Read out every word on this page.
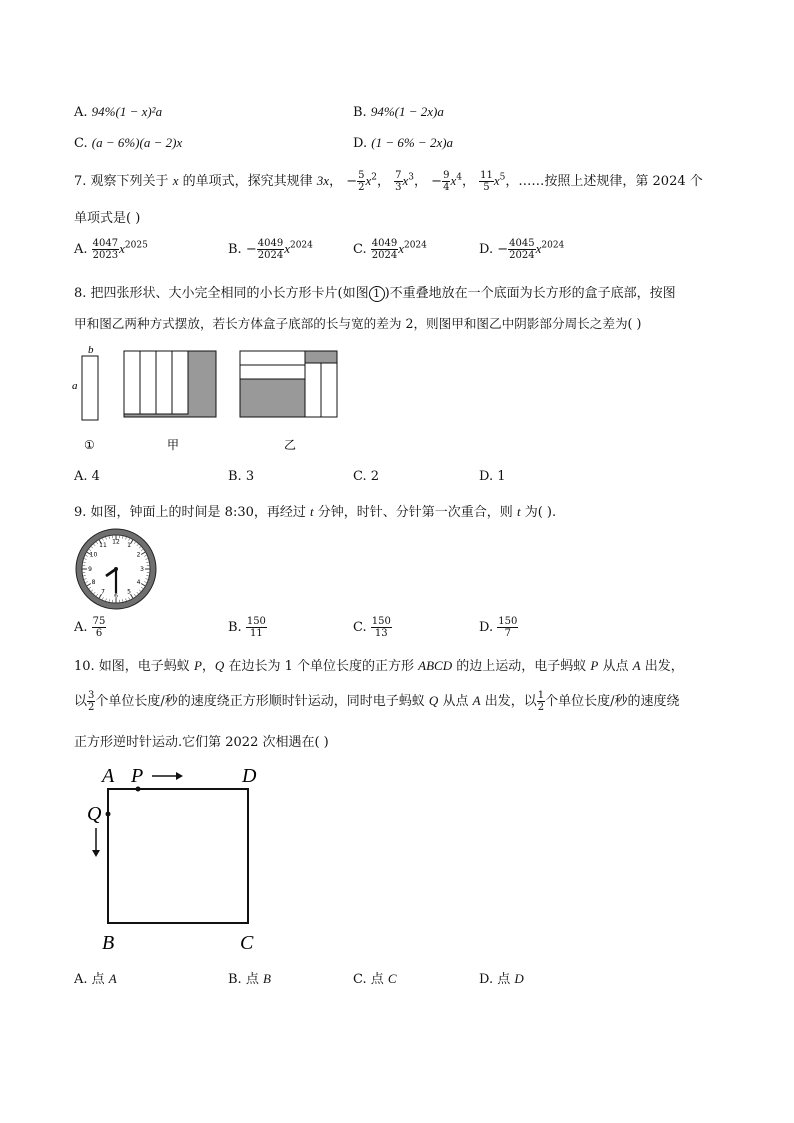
A. 94%(1 − x)²a	B. 94%(1 − 2x)a
C. (a − 6%)(a − 2)x	D. (1 − 6% − 2x)a
7. 观察下列关于 x 的单项式，探究其规律 3x， − $\frac{5}{2} x^2$， $\frac{7}{3} x^3$， − $\frac{9}{4} x^4$， $\frac{11}{5} x^5$，……按照上述规律，第 2024 个
单项式是( )
A. $\frac{4047}{2023} x^{2025}$	B. − $\frac{4049}{2024} x^{2024}$	C. $\frac{4049}{2024} x^{2024}$	D. − $\frac{4045}{2024} x^{2024}$
8. 把四张形状、大小完全相同的小长方形卡片(如图 1 )不重叠地放在一个底面为长方形的盒子底部，按图
甲和图乙两种方式摆放，若长方体盒子底部的长与宽的差为 2，则图甲和图乙中阴影部分周长之差为( )
b
a
①	甲	乙
A. 4	B. 3	C. 2	D. 1
9. 如图，钟面上的时间是 8:30，再经过 t 分钟，时针、分针第一次重合，则 t 为( ).
12 1
2
3
4
5
6
7
8
9
10
11
A. $\frac{75}{6}$	B. $\frac{150}{11}$	C. $\frac{150}{13}$	D. $\frac{150}{7}$
10. 如图，电子蚂蚁 P，Q 在边长为 1 个单位长度的正方形 ABCD 的边上运动，电子蚂蚁 P 从点 A 出发，
以 $\frac{3}{2}$ 个单位长度/秒的速度绕正方形顺时针运动，同时电子蚂蚁 Q 从点 A 出发，以 $\frac{1}{2}$ 个单位长度/秒的速度绕
正方形逆时针运动.它们第 2022 次相遇在( )
A P	D
Q
B	C
A. 点 A	B. 点 B	C. 点 C	D. 点 D
